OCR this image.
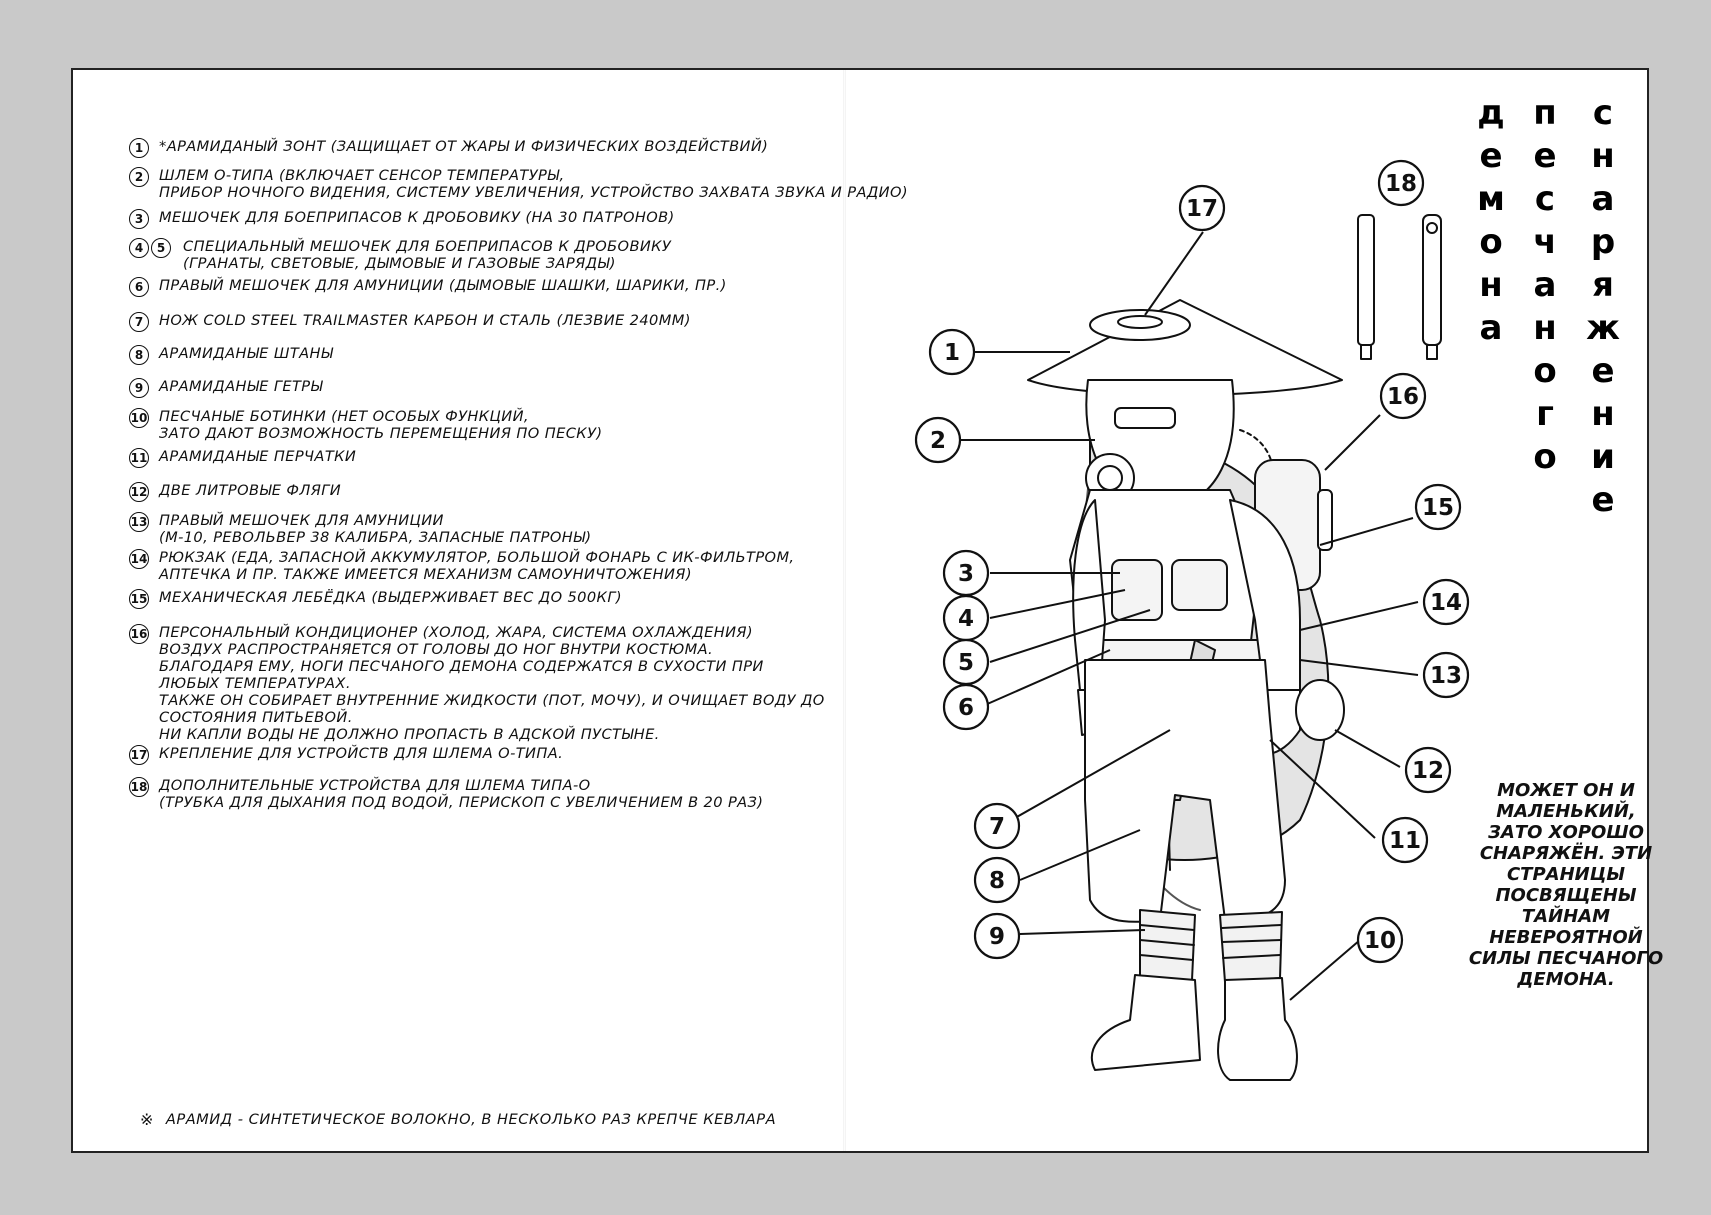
1	*АРАМИДАНЫЙ ЗОНТ (ЗАЩИЩАЕТ ОТ ЖАРЫ И ФИЗИЧЕСКИХ ВОЗДЕЙСТВИЙ)
2	ШЛЕМ О-ТИПА (ВКЛЮЧАЕТ СЕНСОР ТЕМПЕРАТУРЫ,
ПРИБОР НОЧНОГО ВИДЕНИЯ, СИСТЕМУ УВЕЛИЧЕНИЯ, УСТРОЙСТВО ЗАХВАТА ЗВУКА И РАДИО)
3	МЕШОЧЕК ДЛЯ БОЕПРИПАСОВ К ДРОБОВИКУ (НА 30 ПАТРОНОВ)
4	5	СПЕЦИАЛЬНЫЙ МЕШОЧЕК ДЛЯ БОЕПРИПАСОВ К ДРОБОВИКУ
(ГРАНАТЫ, СВЕТОВЫЕ, ДЫМОВЫЕ И ГАЗОВЫЕ ЗАРЯДЫ)
6	ПРАВЫЙ МЕШОЧЕК ДЛЯ АМУНИЦИИ (ДЫМОВЫЕ ШАШКИ, ШАРИКИ, ПР.)
7	НОЖ COLD STEEL TRAILMASTER КАРБОН И СТАЛЬ (ЛЕЗВИЕ 240ММ)
8	АРАМИДАНЫЕ ШТАНЫ
9	АРАМИДАНЫЕ ГЕТРЫ
10 ПЕСЧАНЫЕ БОТИНКИ (НЕТ ОСОБЫХ ФУНКЦИЙ,
ЗАТО ДАЮТ ВОЗМОЖНОСТЬ ПЕРЕМЕЩЕНИЯ ПО ПЕСКУ)
11 АРАМИДАНЫЕ ПЕРЧАТКИ
12 ДВЕ ЛИТРОВЫЕ ФЛЯГИ
13 ПРАВЫЙ МЕШОЧЕК ДЛЯ АМУНИЦИИ
(М-10, РЕВОЛЬВЕР 38 КАЛИБРА, ЗАПАСНЫЕ ПАТРОНЫ)
14 РЮКЗАК (ЕДА, ЗАПАСНОЙ АККУМУЛЯТОР, БОЛЬШОЙ ФОНАРЬ С ИК-ФИЛЬТРОМ,
АПТЕЧКА И ПР. ТАКЖЕ ИМЕЕТСЯ МЕХАНИЗМ САМОУНИЧТОЖЕНИЯ)
15 МЕХАНИЧЕСКАЯ ЛЕБЁДКА (ВЫДЕРЖИВАЕТ ВЕС ДО 500КГ)
16 ПЕРСОНАЛЬНЫЙ КОНДИЦИОНЕР (ХОЛОД, ЖАРА, СИСТЕМА ОХЛАЖДЕНИЯ)
ВОЗДУХ РАСПРОСТРАНЯЕТСЯ ОТ ГОЛОВЫ ДО НОГ ВНУТРИ КОСТЮМА.
БЛАГОДАРЯ ЕМУ, НОГИ ПЕСЧАНОГО ДЕМОНА СОДЕРЖАТСЯ В СУХОСТИ ПРИ
ЛЮБЫХ ТЕМПЕРАТУРАХ.
ТАКЖЕ ОН СОБИРАЕТ ВНУТРЕННИЕ ЖИДКОСТИ (ПОТ, МОЧУ), И ОЧИЩАЕТ ВОДУ ДО
СОСТОЯНИЯ ПИТЬЕВОЙ.
НИ КАПЛИ ВОДЫ НЕ ДОЛЖНО ПРОПАСТЬ В АДСКОЙ ПУСТЫНЕ.
17 КРЕПЛЕНИЕ ДЛЯ УСТРОЙСТВ ДЛЯ ШЛЕМА О-ТИПА.
18 ДОПОЛНИТЕЛЬНЫЕ УСТРОЙСТВА ДЛЯ ШЛЕМА ТИПА-О
(ТРУБКА ДЛЯ ДЫХАНИЯ ПОД ВОДОЙ, ПЕРИСКОП С УВЕЛИЧЕНИЕМ В 20 РАЗ)
※ АРАМИД - СИНТЕТИЧЕСКОЕ ВОЛОКНО, В НЕСКОЛЬКО РАЗ КРЕПЧЕ КЕВЛАРА
д
е
м
о
н
а
п
е
с
ч
а
н
о
г
о
с
н
а
р
я
ж
е
н
и
е
МОЖЕТ ОН И МАЛЕНЬКИЙ, ЗАТО ХОРОШО СНАРЯЖЁН. ЭТИ СТРАНИЦЫ ПОСВЯЩЕНЫ ТАЙНАМ НЕВЕРОЯТНОЙ СИЛЫ ПЕСЧАНОГО ДЕМОНА.
1
2
3
4
5
6
7
8
9	10
11
12
13
14
15
16
17
18
